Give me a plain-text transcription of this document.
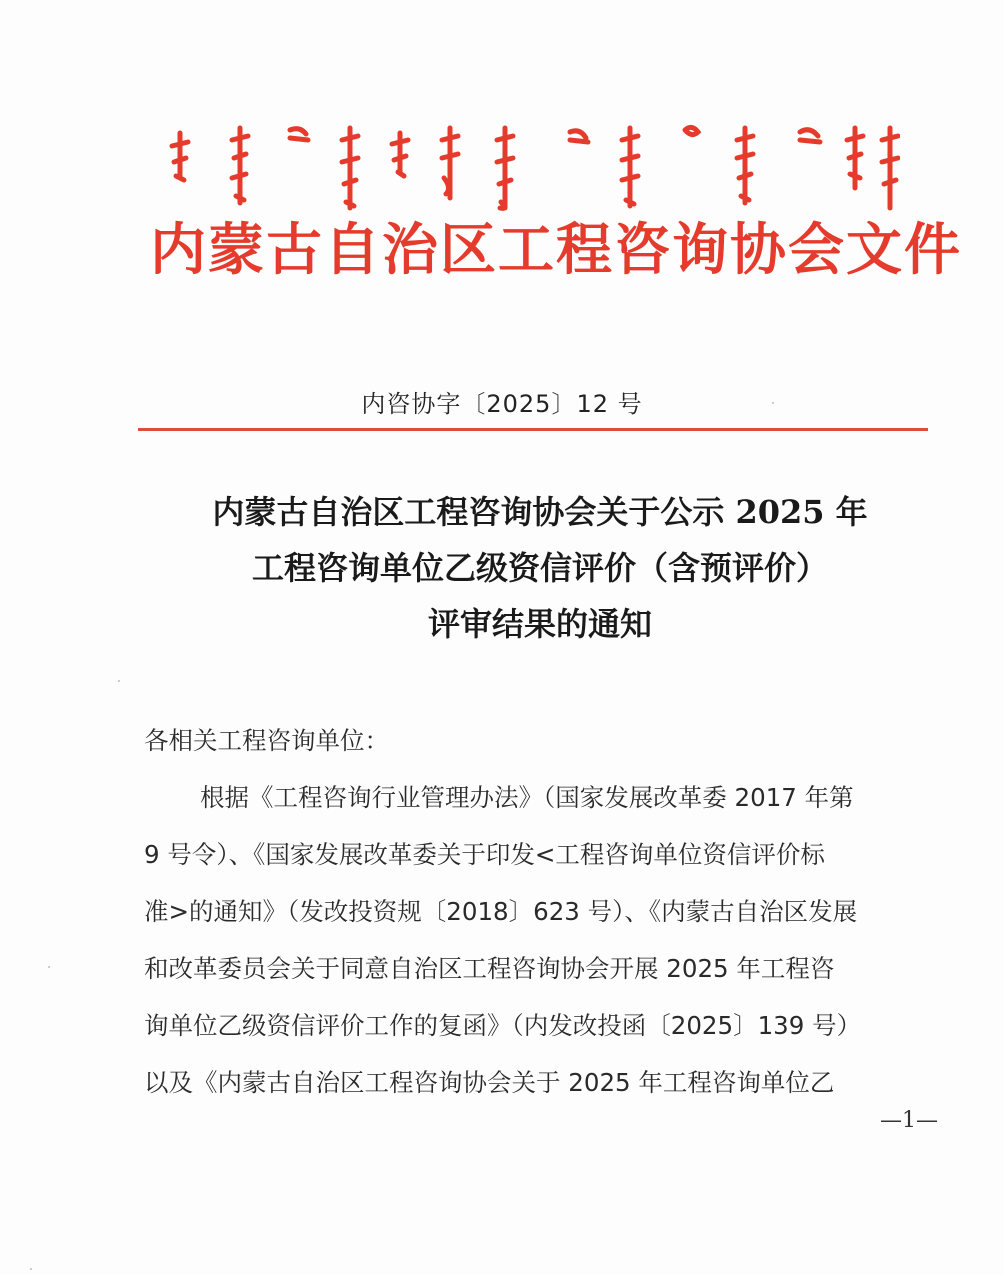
内蒙古自治区工程咨询协会文件
内咨协字〔2025〕12 号
内蒙古自治区工程咨询协会关于公示 2025 年
工程咨询单位乙级资信评价（含预评价）
评审结果的通知
各相关工程咨询单位：
根据《工程咨询行业管理办法》（国家发展改革委 2017 年第
9 号令）、《国家发展改革委关于印发<工程咨询单位资信评价标
准>的通知》（发改投资规〔2018〕623 号）、《内蒙古自治区发展
和改革委员会关于同意自治区工程咨询协会开展 2025 年工程咨
询单位乙级资信评价工作的复函》（内发改投函〔2025〕139 号）
以及《内蒙古自治区工程咨询协会关于 2025 年工程咨询单位乙
—1—
